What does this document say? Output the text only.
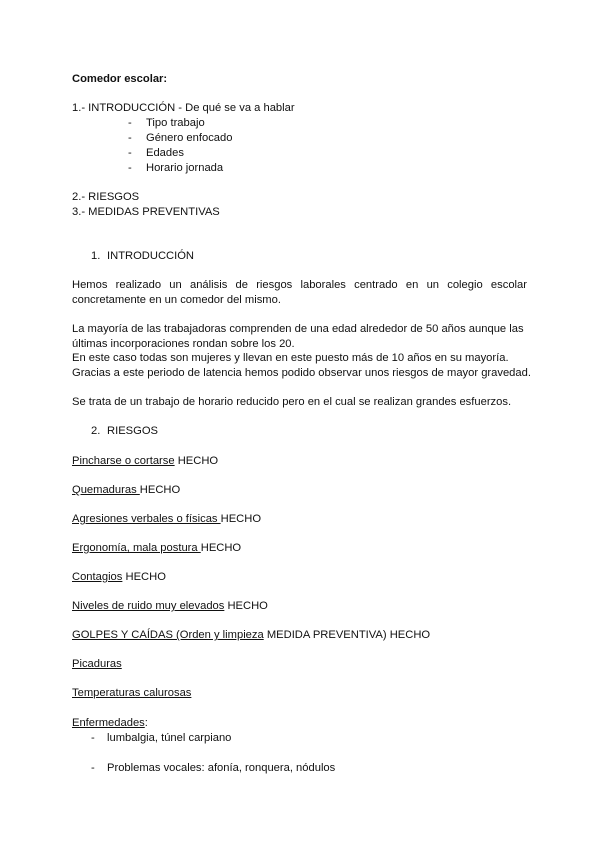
Comedor escolar:
1.- INTRODUCCIÓN - De qué se va a hablar
- Tipo trabajo
- Género enfocado
- Edades
- Horario jornada
2.- RIESGOS
3.- MEDIDAS PREVENTIVAS
1. INTRODUCCIÓN
Hemos realizado un análisis de riesgos laborales centrado en un colegio escolar concretamente en un comedor del mismo.
La mayoría de las trabajadoras comprenden de una edad alrededor de 50 años aunque las últimas incorporaciones rondan sobre los 20.
En este caso todas son mujeres y llevan en este puesto más de 10 años en su mayoría.
Gracias a este periodo de latencia hemos podido observar unos riesgos de mayor gravedad.
Se trata de un trabajo de horario reducido pero en el cual se realizan grandes esfuerzos.
2. RIESGOS
Pincharse o cortarse HECHO
Quemaduras HECHO
Agresiones verbales o físicas HECHO
Ergonomía, mala postura HECHO
Contagios HECHO
Niveles de ruido muy elevados HECHO
GOLPES Y CAÍDAS (Orden y limpieza MEDIDA PREVENTIVA) HECHO
Picaduras
Temperaturas calurosas
Enfermedades:
- lumbalgia, túnel carpiano
- Problemas vocales: afonía, ronquera, nódulos
